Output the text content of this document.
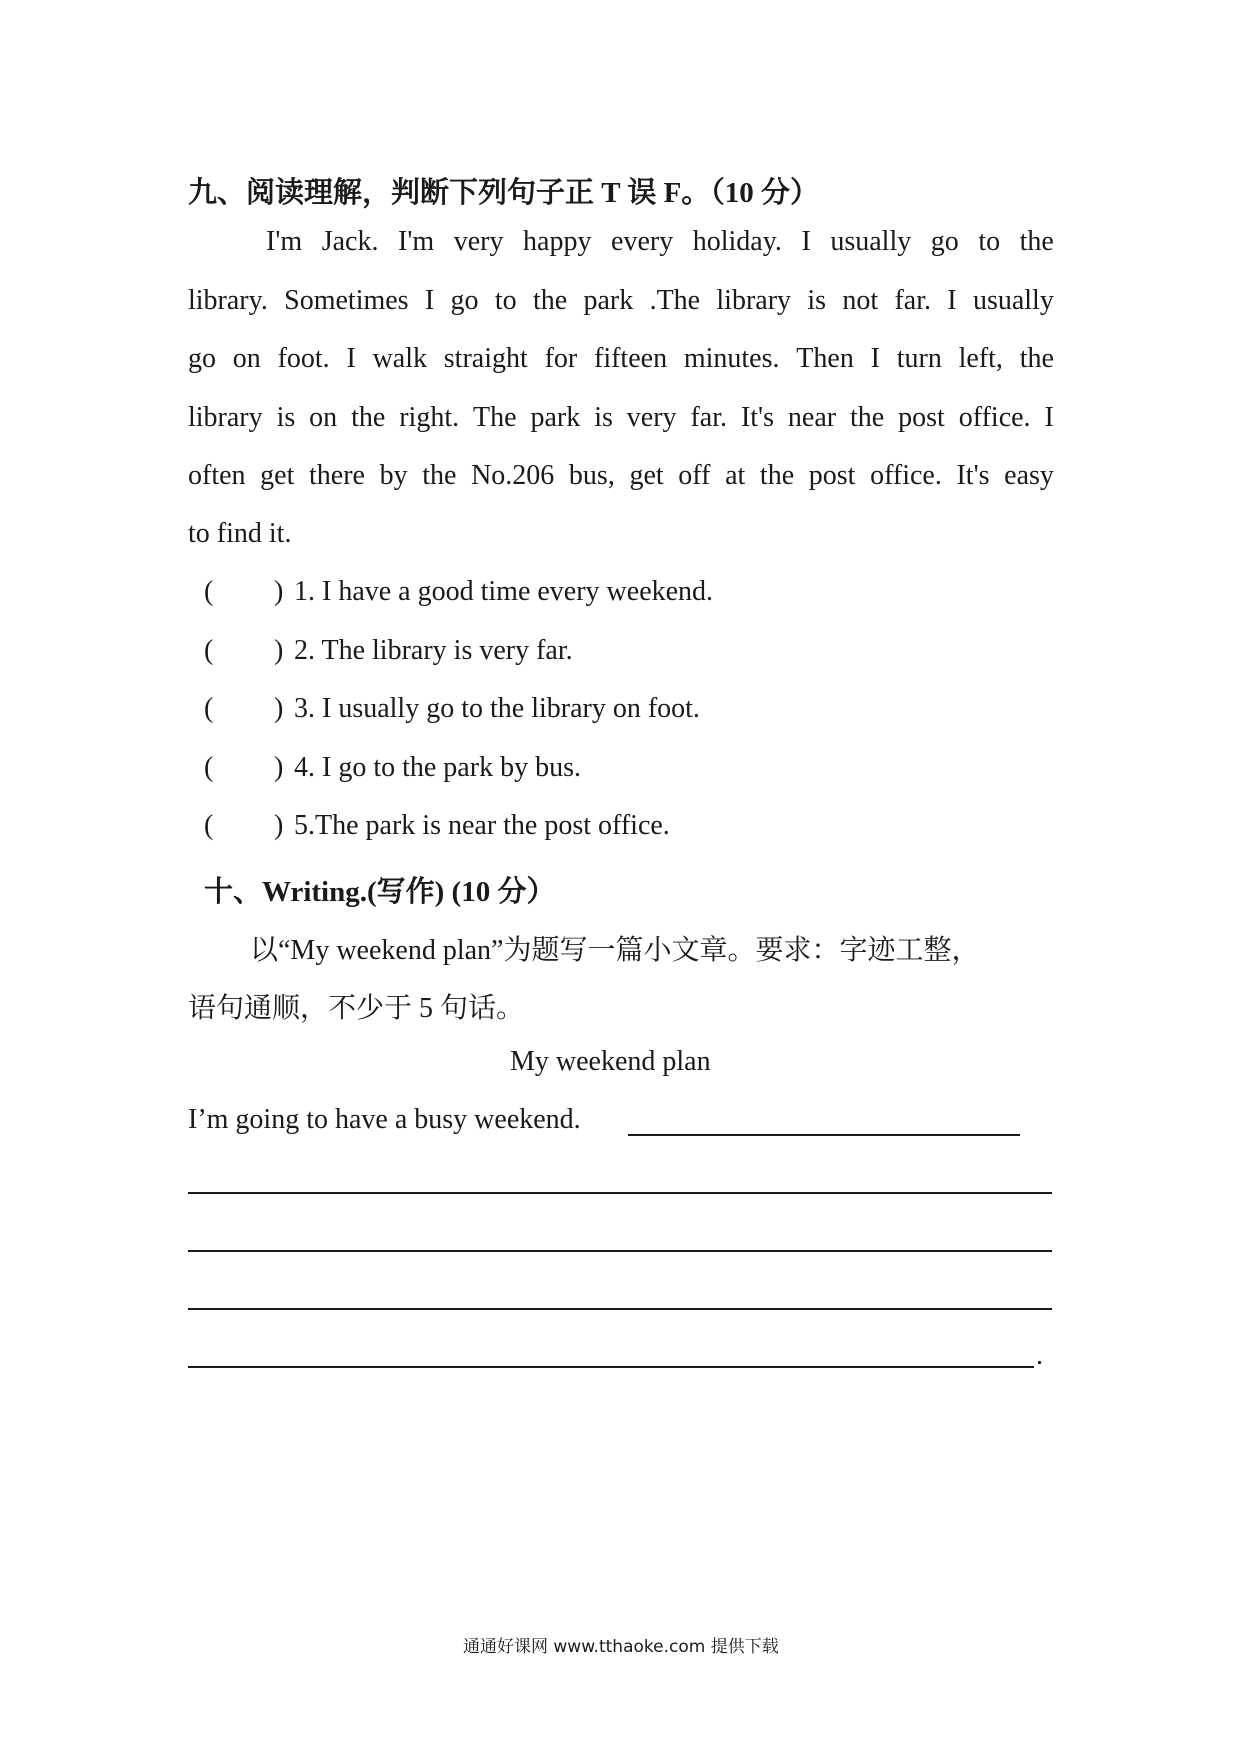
九、阅读理解，判断下列句子正 T 误 F。（10 分）
I'm Jack. I'm very happy every holiday. I usually go to the
library. Sometimes I go to the park .The library is not far. I usually
go on foot. I walk straight for fifteen minutes. Then I turn left, the
library is on the right. The park is very far. It's near the post office. I
often get there by the No.206 bus, get off at the post office. It's easy
to find it.
( ) 1. I have a good time every weekend.
( ) 2. The library is very far.
( ) 3. I usually go to the library on foot.
( ) 4. I go to the park by bus.
( ) 5.The park is near the post office.
十、Writing.(写作) (10 分）
以“My weekend plan”为题写一篇小文章。要求：字迹工整，
语句通顺，不少于 5 句话。
My weekend plan
I’m going to have a busy weekend.
.
通通好课网 www.tthaoke.com 提供下载
